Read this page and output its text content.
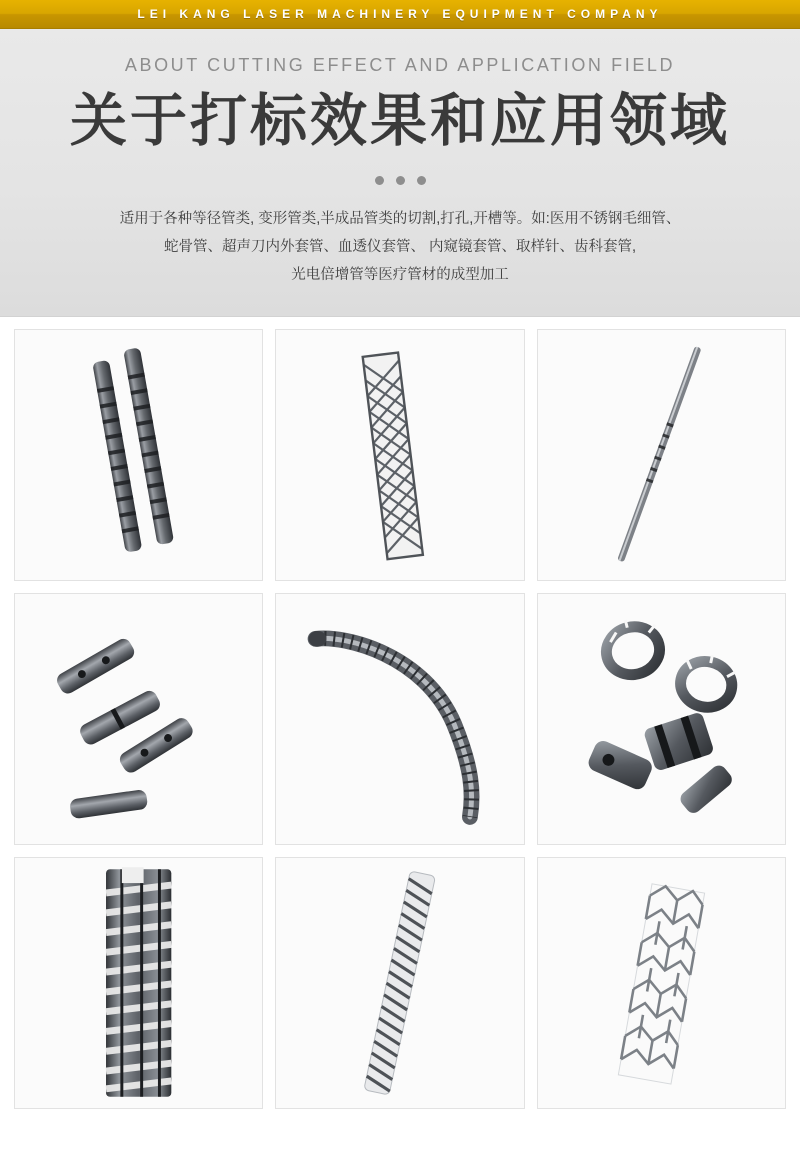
LEI KANG LASER MACHINERY EQUIPMENT COMPANY
ABOUT CUTTING EFFECT AND APPLICATION FIELD
关于打标效果和应用领域
适用于各种等径管类, 变形管类,半成品管类的切割,打孔,开槽等。如:医用不锈钢毛细管、
蛇骨管、超声刀内外套管、血透仪套管、 内窥镜套管、取样针、齿科套管,
光电倍增管等医疗管材的成型加工
